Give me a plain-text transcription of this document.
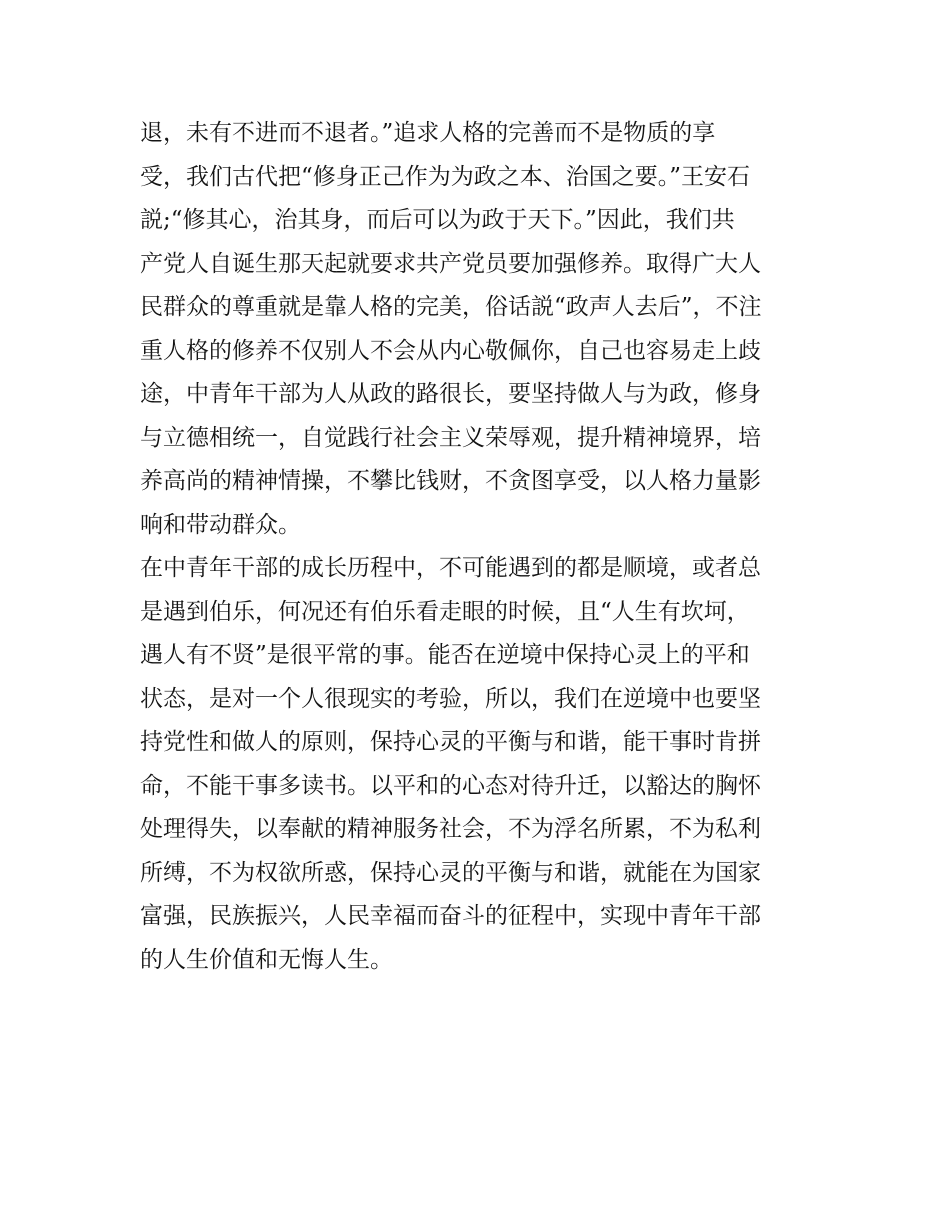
退，未有不进而不退者。”追求人格的完善而不是物质的享
受，我们古代把“修身正己作为为政之本、治国之要。”王安石
説;“修其心，治其身，而后可以为政于天下。”因此，我们共
产党人自诞生那天起就要求共产党员要加强修养。取得广大人
民群众的尊重就是靠人格的完美，俗话説“政声人去后”，不注
重人格的修养不仅别人不会从内心敬佩你，自己也容易走上歧
途，中青年干部为人从政的路很长，要坚持做人与为政，修身
与立德相统一，自觉践行社会主义荣辱观，提升精神境界，培
养高尚的精神情操，不攀比钱财，不贪图享受，以人格力量影
响和带动群众。
在中青年干部的成长历程中，不可能遇到的都是顺境，或者总
是遇到伯乐，何况还有伯乐看走眼的时候，且“人生有坎坷，
遇人有不贤”是很平常的事。能否在逆境中保持心灵上的平和
状态，是对一个人很现实的考验，所以，我们在逆境中也要坚
持党性和做人的原则，保持心灵的平衡与和谐，能干事时肯拼
命，不能干事多读书。以平和的心态对待升迁，以豁达的胸怀
处理得失，以奉献的精神服务社会，不为浮名所累，不为私利
所缚，不为权欲所惑，保持心灵的平衡与和谐，就能在为国家
富强，民族振兴，人民幸福而奋斗的征程中，实现中青年干部
的人生价值和无悔人生。
